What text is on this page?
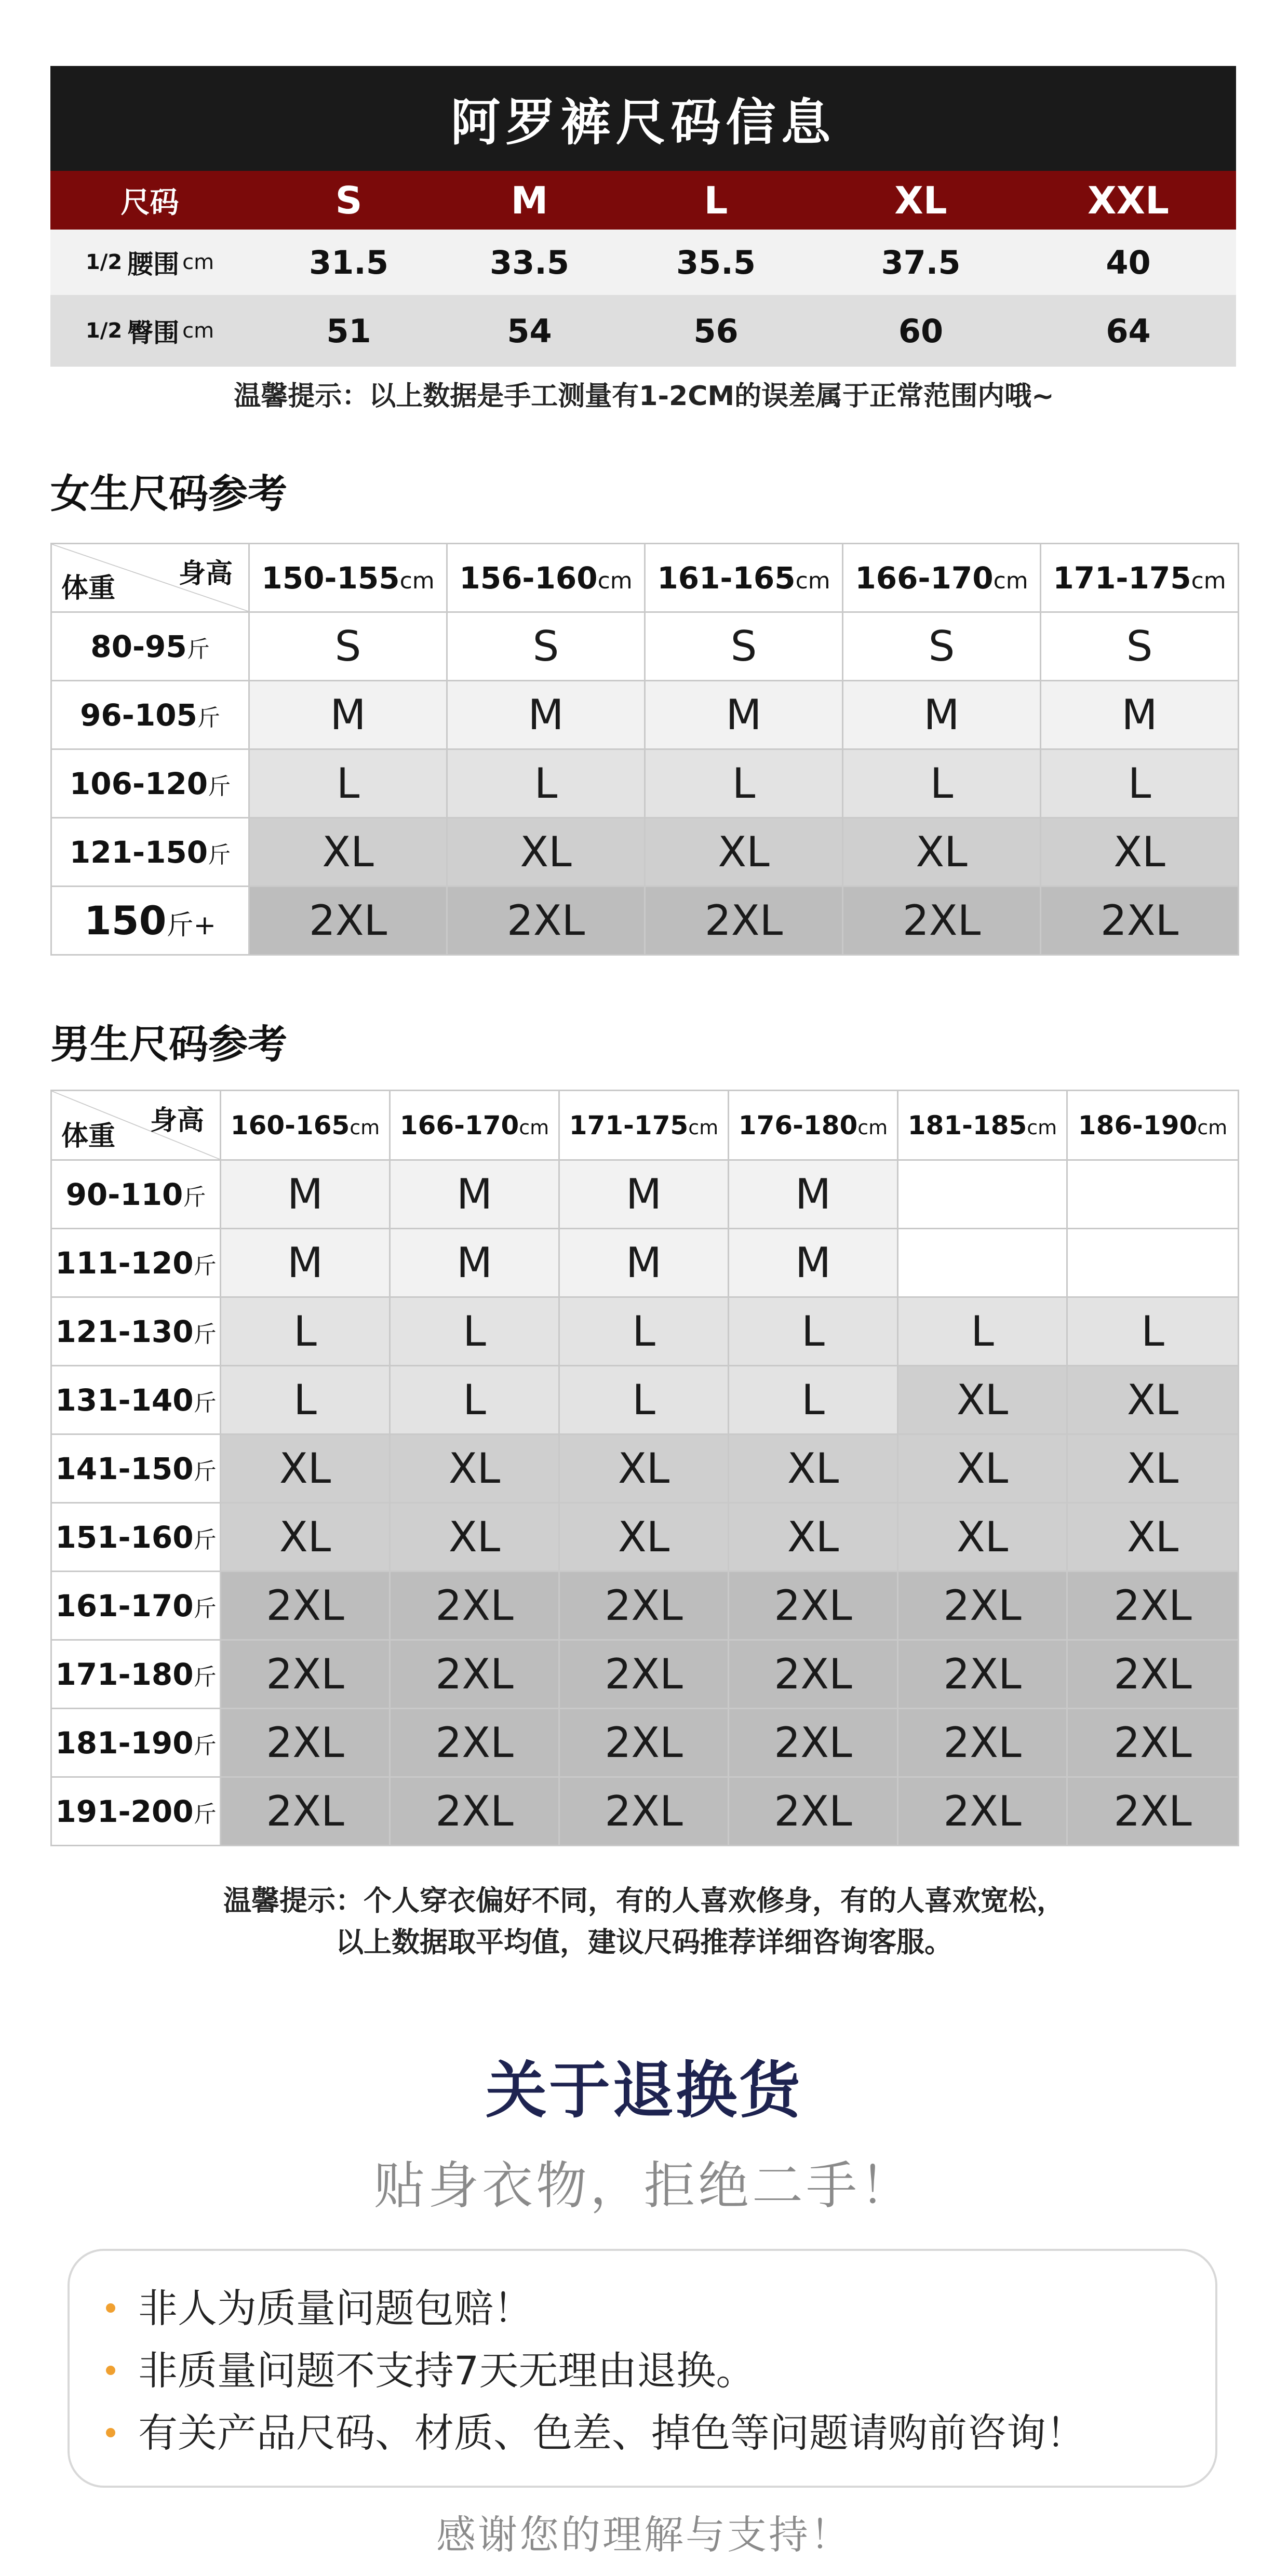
阿罗裤尺码信息
尺码	S	M	L	XL	XXL
1/2 腰围 cm	31.5	33.5	35.5	37.5	40
1/2 臀围 cm	51	54	56	60	64
温馨提示：以上数据是手工测量有1-2CM的误差属于正常范围内哦~
女生尺码参考
身高
体重	150-155cm	156-160cm	161-165cm	166-170cm	171-175cm
80-95斤	S	S	S	S	S
96-105斤	M	M	M	M	M
106-120斤	L	L	L	L	L
121-150斤	XL	XL	XL	XL	XL
150斤+	2XL	2XL	2XL	2XL	2XL
男生尺码参考
身高
体重	160-165cm	166-170cm	171-175cm	176-180cm	181-185cm	186-190cm
90-110斤	M	M	M	M		
111-120斤	M	M	M	M		
121-130斤	L	L	L	L	L	L
131-140斤	L	L	L	L	XL	XL
141-150斤	XL	XL	XL	XL	XL	XL
151-160斤	XL	XL	XL	XL	XL	XL
161-170斤	2XL	2XL	2XL	2XL	2XL	2XL
171-180斤	2XL	2XL	2XL	2XL	2XL	2XL
181-190斤	2XL	2XL	2XL	2XL	2XL	2XL
191-200斤	2XL	2XL	2XL	2XL	2XL	2XL
温馨提示：个人穿衣偏好不同，有的人喜欢修身，有的人喜欢宽松，
以上数据取平均值，建议尺码推荐详细咨询客服。
关于退换货
贴身衣物，拒绝二手！
非人为质量问题包赔！
非质量问题不支持7天无理由退换。
有关产品尺码、材质、色差、掉色等问题请购前咨询！
感谢您的理解与支持！
